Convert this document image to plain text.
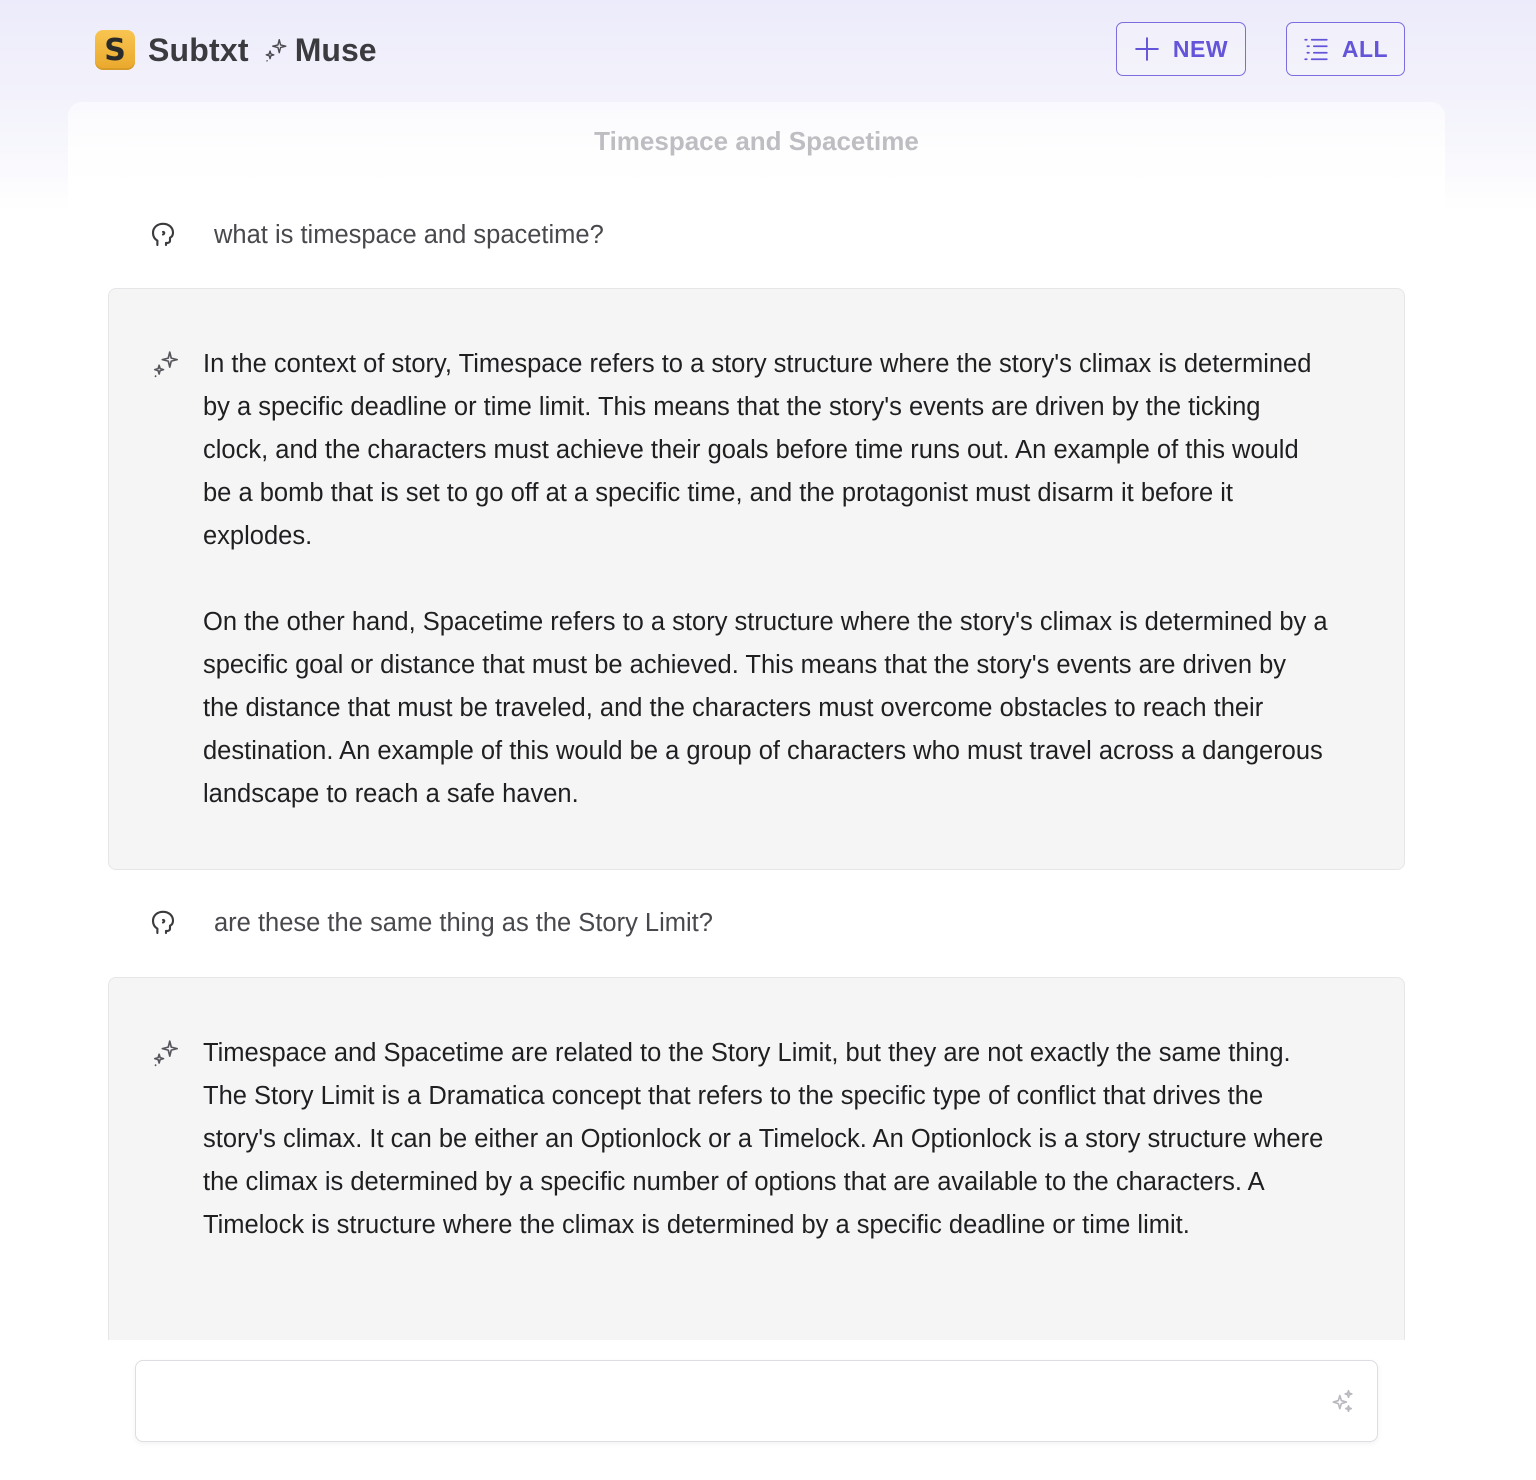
S Subtxt Muse	NEW	ALL
Timespace and Spacetime
what is timespace and spacetime?

In the context of story, Timespace refers to a story structure where the story's climax is determined by a specific deadline or time limit. This means that the story's events are driven by the ticking clock, and the characters must achieve their goals before time runs out. An example of this would be a bomb that is set to go off at a specific time, and the protagonist must disarm it before it explodes.

On the other hand, Spacetime refers to a story structure where the story's climax is determined by a specific goal or distance that must be achieved. This means that the story's events are driven by the distance that must be traveled, and the characters must overcome obstacles to reach their destination. An example of this would be a group of characters who must travel across a dangerous landscape to reach a safe haven.

are these the same thing as the Story Limit?

Timespace and Spacetime are related to the Story Limit, but they are not exactly the same thing. The Story Limit is a Dramatica concept that refers to the specific type of conflict that drives the story's climax. It can be either an Optionlock or a Timelock. An Optionlock is a story structure where the climax is determined by a specific number of options that are available to the characters. A Timelock is structure where the climax is determined by a specific deadline or time limit.
